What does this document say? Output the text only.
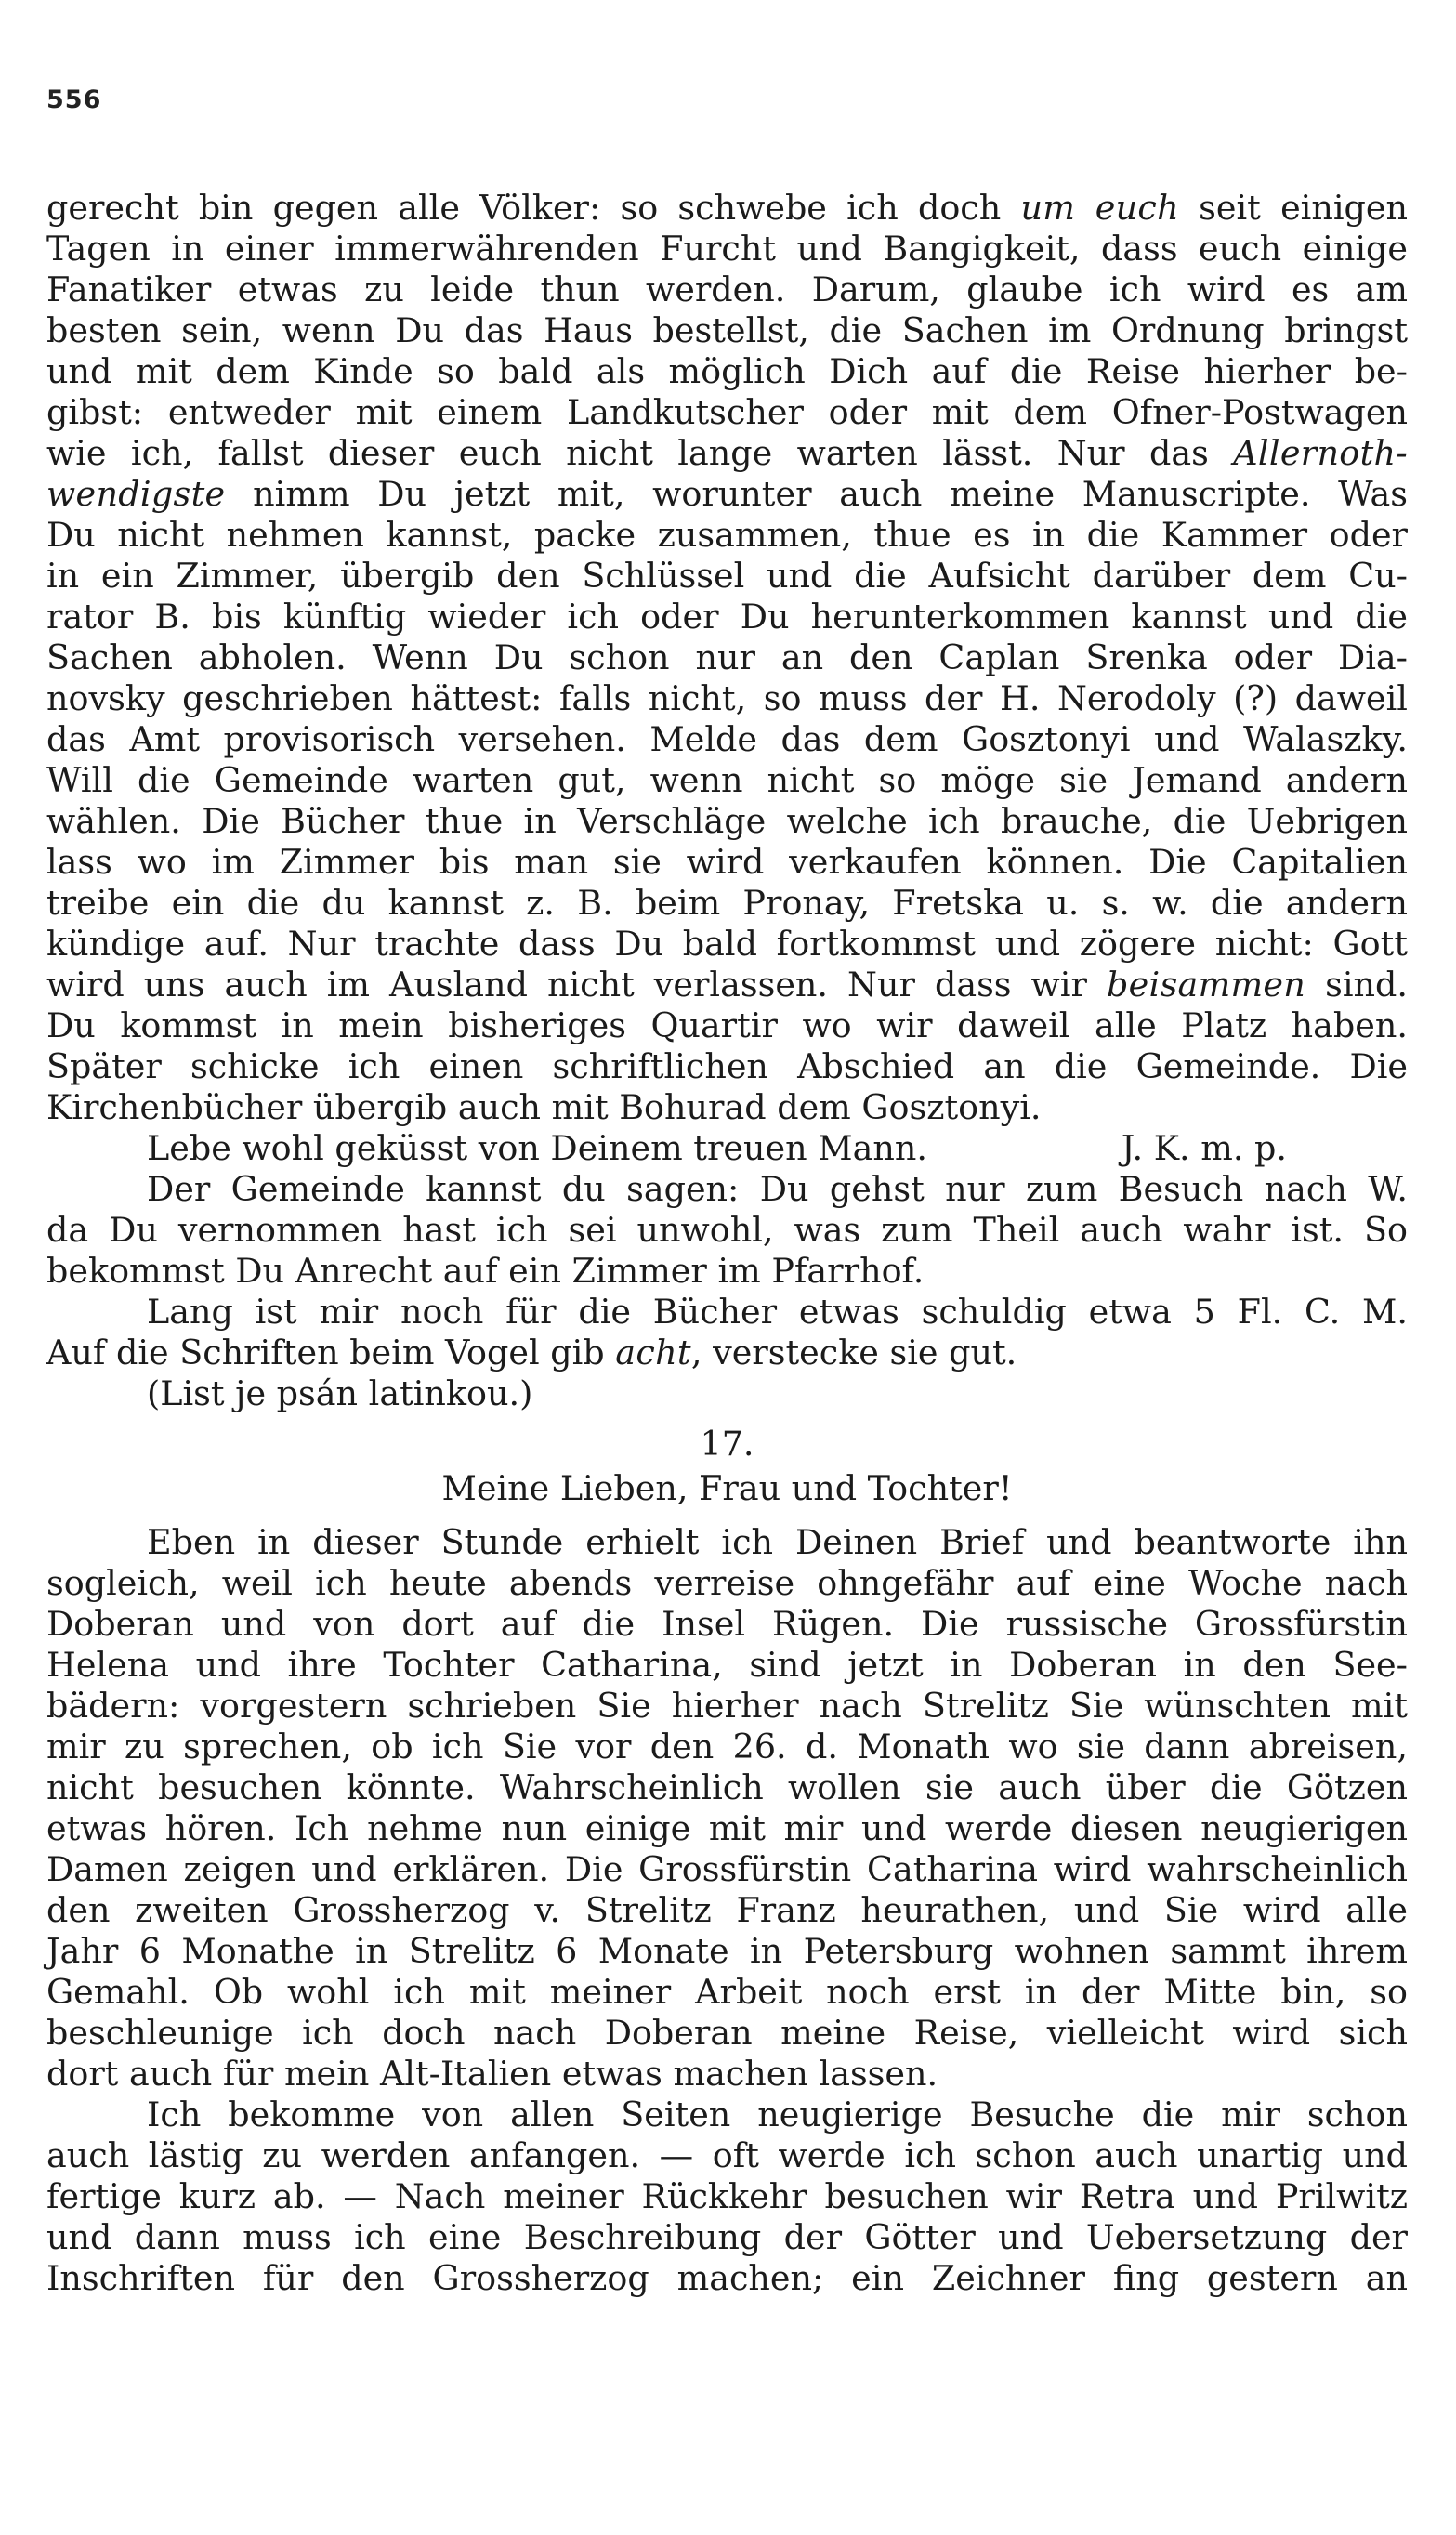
556
gerecht bin gegen alle Völker: so schwebe ich doch um euch seit einigen
Tagen in einer immerwährenden Furcht und Bangigkeit, dass euch einige
Fanatiker etwas zu leide thun werden. Darum, glaube ich wird es am
besten sein, wenn Du das Haus bestellst, die Sachen im Ordnung bringst
und mit dem Kinde so bald als möglich Dich auf die Reise hierher be-
gibst: entweder mit einem Landkutscher oder mit dem Ofner-Postwagen
wie ich, fallst dieser euch nicht lange warten lässt. Nur das Allernoth-
wendigste nimm Du jetzt mit, worunter auch meine Manuscripte. Was
Du nicht nehmen kannst, packe zusammen, thue es in die Kammer oder
in ein Zimmer, übergib den Schlüssel und die Aufsicht darüber dem Cu-
rator B. bis künftig wieder ich oder Du herunterkommen kannst und die
Sachen abholen. Wenn Du schon nur an den Caplan Srenka oder Dia-
novsky geschrieben hättest: falls nicht, so muss der H. Nerodoly (?) daweil
das Amt provisorisch versehen. Melde das dem Gosztonyi und Walaszky.
Will die Gemeinde warten gut, wenn nicht so möge sie Jemand andern
wählen. Die Bücher thue in Verschläge welche ich brauche, die Uebrigen
lass wo im Zimmer bis man sie wird verkaufen können. Die Capitalien
treibe ein die du kannst z. B. beim Pronay, Fretska u. s. w. die andern
kündige auf. Nur trachte dass Du bald fortkommst und zögere nicht: Gott
wird uns auch im Ausland nicht verlassen. Nur dass wir beisammen sind.
Du kommst in mein bisheriges Quartir wo wir daweil alle Platz haben.
Später schicke ich einen schriftlichen Abschied an die Gemeinde. Die
Kirchenbücher übergib auch mit Bohurad dem Gosztonyi.
Lebe wohl geküsst von Deinem treuen Mann.	J. K. m. p.
Der Gemeinde kannst du sagen: Du gehst nur zum Besuch nach W.
da Du vernommen hast ich sei unwohl, was zum Theil auch wahr ist. So
bekommst Du Anrecht auf ein Zimmer im Pfarrhof.
Lang ist mir noch für die Bücher etwas schuldig etwa 5 Fl. C. M.
Auf die Schriften beim Vogel gib acht, verstecke sie gut.
(List je psán latinkou.)
17.
Meine Lieben, Frau und Tochter!
Eben in dieser Stunde erhielt ich Deinen Brief und beantworte ihn
sogleich, weil ich heute abends verreise ohngefähr auf eine Woche nach
Doberan und von dort auf die Insel Rügen. Die russische Grossfürstin
Helena und ihre Tochter Catharina, sind jetzt in Doberan in den See-
bädern: vorgestern schrieben Sie hierher nach Strelitz Sie wünschten mit
mir zu sprechen, ob ich Sie vor den 26. d. Monath wo sie dann abreisen,
nicht besuchen könnte. Wahrscheinlich wollen sie auch über die Götzen
etwas hören. Ich nehme nun einige mit mir und werde diesen neugierigen
Damen zeigen und erklären. Die Grossfürstin Catharina wird wahrscheinlich
den zweiten Grossherzog v. Strelitz Franz heurathen, und Sie wird alle
Jahr 6 Monathe in Strelitz 6 Monate in Petersburg wohnen sammt ihrem
Gemahl. Ob wohl ich mit meiner Arbeit noch erst in der Mitte bin, so
beschleunige ich doch nach Doberan meine Reise, vielleicht wird sich
dort auch für mein Alt-Italien etwas machen lassen.
Ich bekomme von allen Seiten neugierige Besuche die mir schon
auch lästig zu werden anfangen. — oft werde ich schon auch unartig und
fertige kurz ab. — Nach meiner Rückkehr besuchen wir Retra und Prilwitz
und dann muss ich eine Beschreibung der Götter und Uebersetzung der
Inschriften für den Grossherzog machen; ein Zeichner fing gestern an
